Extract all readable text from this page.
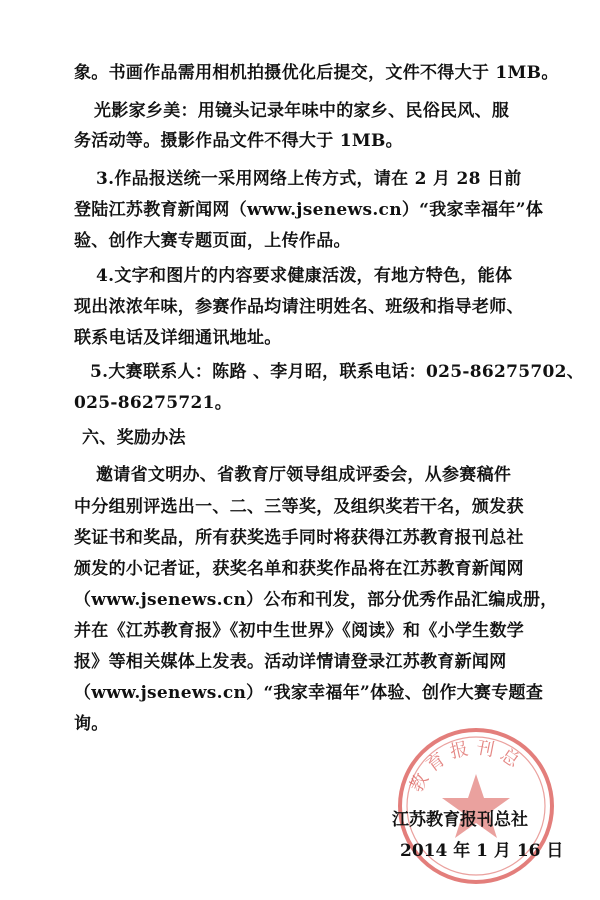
象。书画作品需用相机拍摄优化后提交，文件不得大于 1MB。
光影家乡美：用镜头记录年味中的家乡、民俗民风、服
务活动等。摄影作品文件不得大于 1MB。
3.作品报送统一采用网络上传方式，请在 2 月 28 日前
登陆江苏教育新闻网（www.jsenews.cn）“我家幸福年”体
验、创作大赛专题页面，上传作品。
4.文字和图片的内容要求健康活泼，有地方特色，能体
现出浓浓年味，参赛作品均请注明姓名、班级和指导老师、
联系电话及详细通讯地址。
5.大赛联系人：陈路 、李月昭，联系电话：025-86275702、
025-86275721。
六、奖励办法
邀请省文明办、省教育厅领导组成评委会，从参赛稿件
中分组别评选出一、二、三等奖，及组织奖若干名，颁发获
奖证书和奖品，所有获奖选手同时将获得江苏教育报刊总社
颁发的小记者证，获奖名单和获奖作品将在江苏教育新闻网
（www.jsenews.cn）公布和刊发，部分优秀作品汇编成册，
并在《江苏教育报》《初中生世界》《阅读》和《小学生数学
报》等相关媒体上发表。活动详情请登录江苏教育新闻网
（www.jsenews.cn）“我家幸福年”体验、创作大赛专题查
询。
教育报刊总
江苏教育报刊总社
2014 年 1 月 16 日
